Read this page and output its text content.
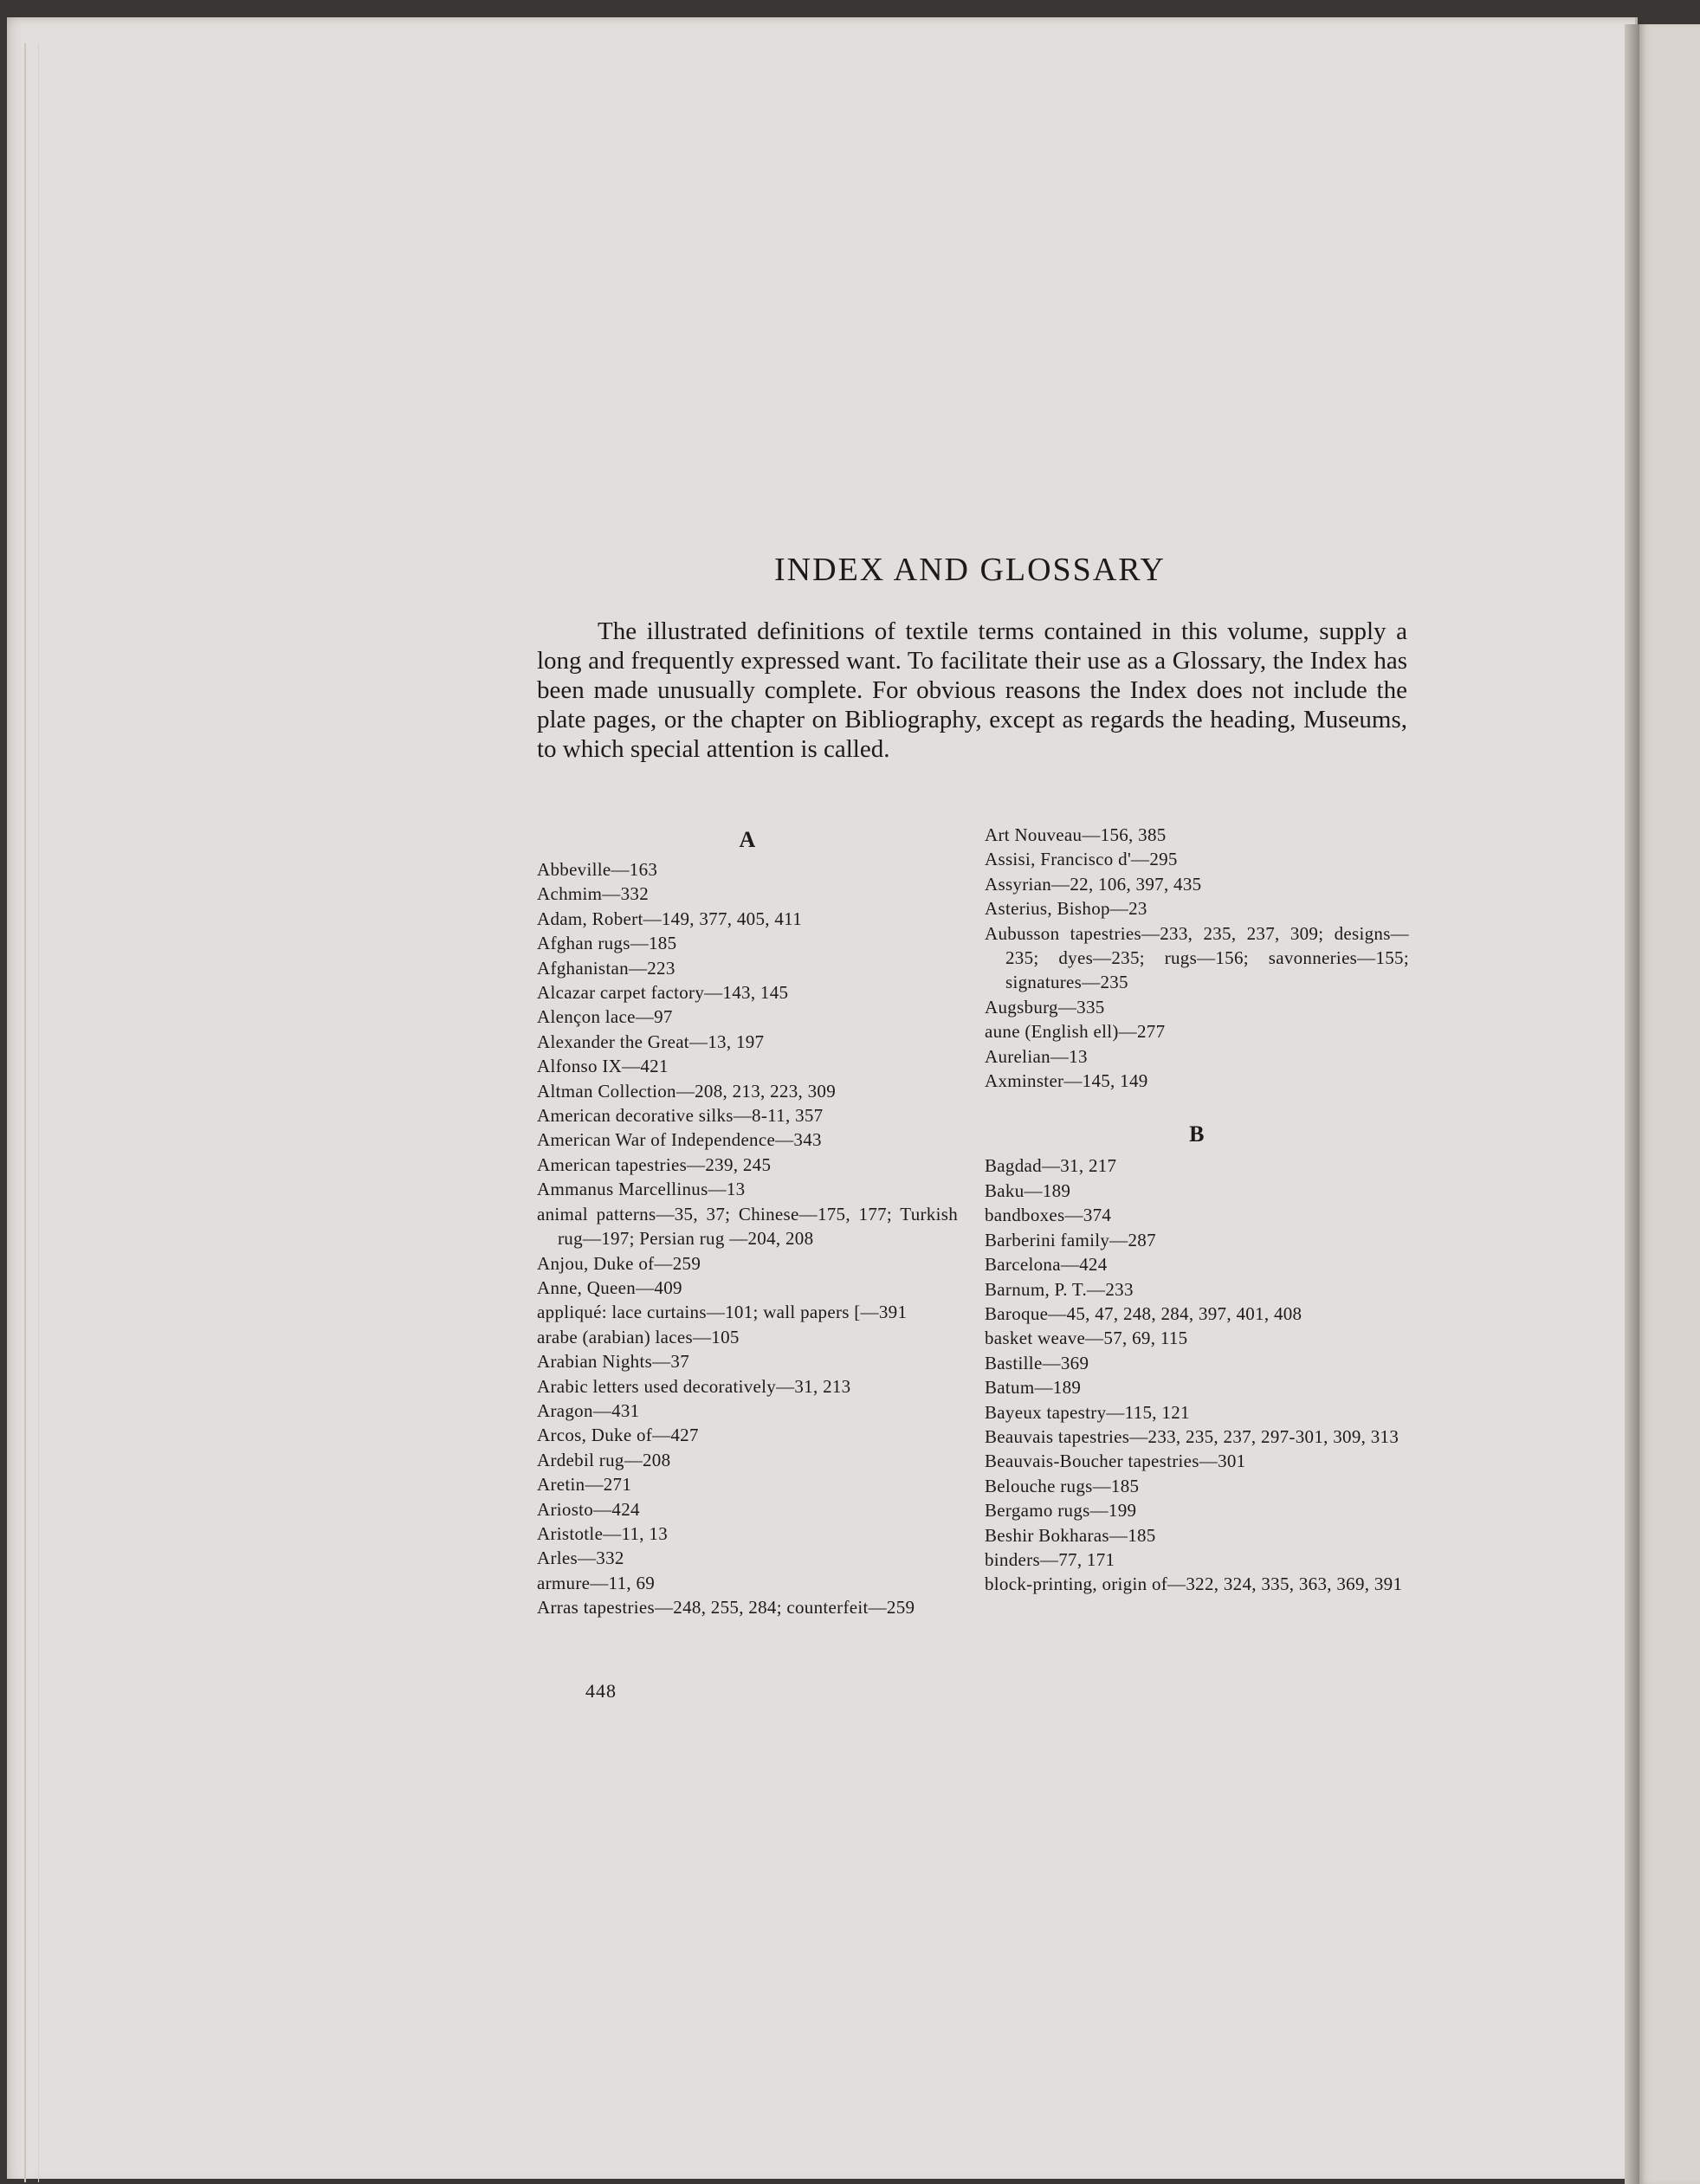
INDEX AND GLOSSARY

The illustrated definitions of textile terms contained in this volume, supply a long and frequently expressed want. To facilitate their use as a Glossary, the Index has been made unusually complete. For obvious reasons the Index does not include the plate pages, or the chapter on Bibliography, except as regards the heading, Museums, to which special attention is called.

A
Abbeville—163
Achmim—332
Adam, Robert—149, 377, 405, 411
Afghan rugs—185
Afghanistan—223
Alcazar carpet factory—143, 145
Alençon lace—97
Alexander the Great—13, 197
Alfonso IX—421
Altman Collection—208, 213, 223, 309
American decorative silks—8-11, 357
American War of Independence—343
American tapestries—239, 245
Ammanus Marcellinus—13
animal patterns—35, 37; Chinese—175, 177; Turkish rug—197; Persian rug —204, 208
Anjou, Duke of—259
Anne, Queen—409
appliqué: lace curtains—101; wall papers [—391
arabe (arabian) laces—105
Arabian Nights—37
Arabic letters used decoratively—31, 213
Aragon—431
Arcos, Duke of—427
Ardebil rug—208
Aretin—271
Ariosto—424
Aristotle—11, 13
Arles—332
armure—11, 69
Arras tapestries—248, 255, 284; counterfeit—259
Art Nouveau—156, 385
Assisi, Francisco d'—295
Assyrian—22, 106, 397, 435
Asterius, Bishop—23
Aubusson tapestries—233, 235, 237, 309; designs—235; dyes—235; rugs—156; savonneries—155; signatures—235
Augsburg—335
aune (English ell)—277
Aurelian—13
Axminster—145, 149
B
Bagdad—31, 217
Baku—189
bandboxes—374
Barberini family—287
Barcelona—424
Barnum, P. T.—233
Baroque—45, 47, 248, 284, 397, 401, 408
basket weave—57, 69, 115
Bastille—369
Batum—189
Bayeux tapestry—115, 121
Beauvais tapestries—233, 235, 237, 297-301, 309, 313
Beauvais-Boucher tapestries—301
Belouche rugs—185
Bergamo rugs—199
Beshir Bokharas—185
binders—77, 171
block-printing, origin of—322, 324, 335, 363, 369, 391
448
